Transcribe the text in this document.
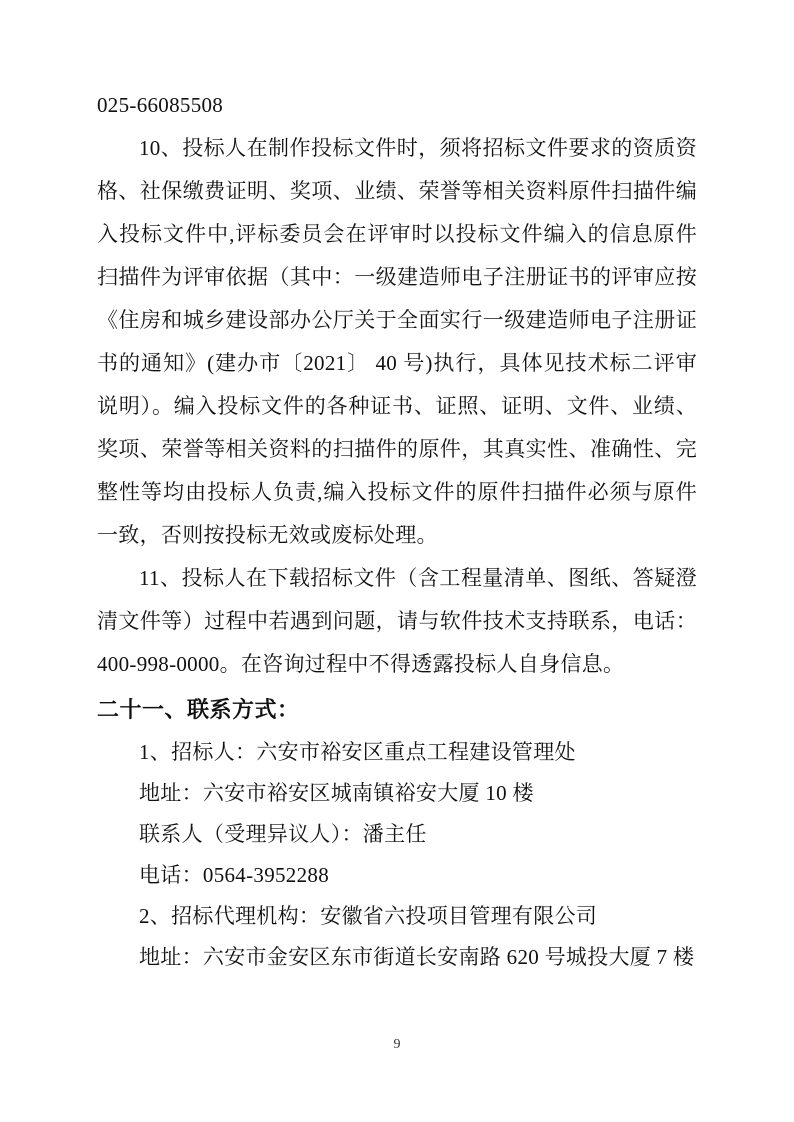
025-66085508

10、投标人在制作投标文件时，须将招标文件要求的资质资格、社保缴费证明、奖项、业绩、荣誉等相关资料原件扫描件编入投标文件中,评标委员会在评审时以投标文件编入的信息原件扫描件为评审依据（其中：一级建造师电子注册证书的评审应按《住房和城乡建设部办公厅关于全面实行一级建造师电子注册证书的通知》(建办市〔2021〕 40 号)执行，具体见技术标二评审说明）。编入投标文件的各种证书、证照、证明、文件、业绩、奖项、荣誉等相关资料的扫描件的原件，其真实性、准确性、完整性等均由投标人负责,编入投标文件的原件扫描件必须与原件一致，否则按投标无效或废标处理。

11、投标人在下载招标文件（含工程量清单、图纸、答疑澄清文件等）过程中若遇到问题，请与软件技术支持联系，电话：400-998-0000。在咨询过程中不得透露投标人自身信息。

二十一、联系方式：

1、招标人：六安市裕安区重点工程建设管理处

地址：六安市裕安区城南镇裕安大厦 10 楼

联系人（受理异议人）：潘主任

电话：0564-3952288

2、招标代理机构：安徽省六投项目管理有限公司

地址：六安市金安区东市街道长安南路 620 号城投大厦 7 楼

9
